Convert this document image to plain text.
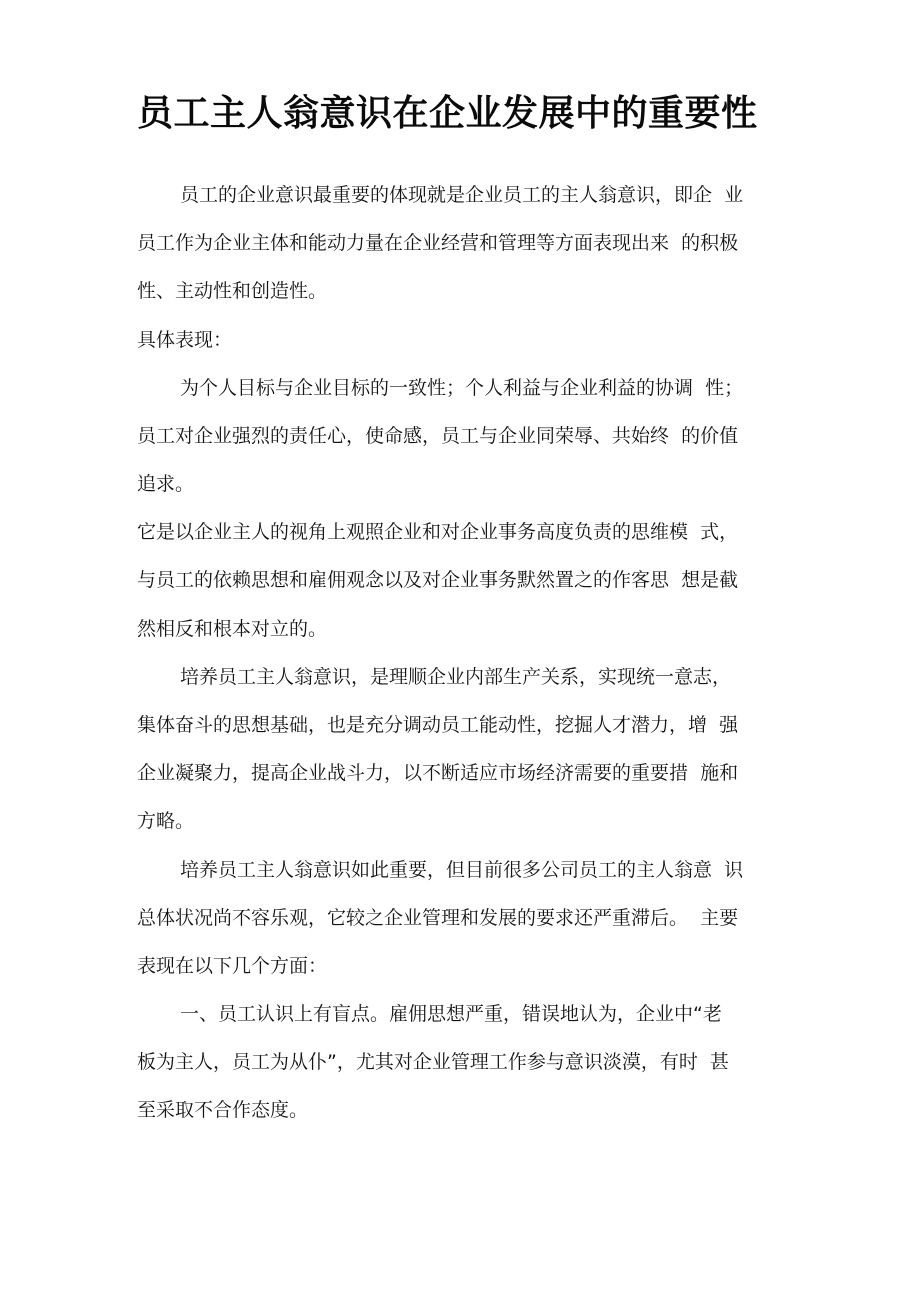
员工主人翁意识在企业发展中的重要性

员工的企业意识最重要的体现就是企业员工的主人翁意识，即企  业

员工作为企业主体和能动力量在企业经营和管理等方面表现出来  的积极

性、主动性和创造性。

具体表现：

为个人目标与企业目标的一致性；个人利益与企业利益的协调  性；

员工对企业强烈的责任心，使命感，员工与企业同荣辱、共始终  的价值

追求。

它是以企业主人的视角上观照企业和对企业事务高度负责的思维模  式，

与员工的依赖思想和雇佣观念以及对企业事务默然置之的作客思  想是截

然相反和根本对立的。

培养员工主人翁意识，是理顺企业内部生产关系，实现统一意志，

集体奋斗的思想基础，也是充分调动员工能动性，挖掘人才潜力，增  强

企业凝聚力，提高企业战斗力，以不断适应市场经济需要的重要措  施和

方略。

培养员工主人翁意识如此重要，但目前很多公司员工的主人翁意  识

总体状况尚不容乐观，它较之企业管理和发展的要求还严重滞后。  主要

表现在以下几个方面：

一、员工认识上有盲点。雇佣思想严重，错误地认为，企业中“老

板为主人，员工为从仆”，尤其对企业管理工作参与意识淡漠，有时  甚

至采取不合作态度。
